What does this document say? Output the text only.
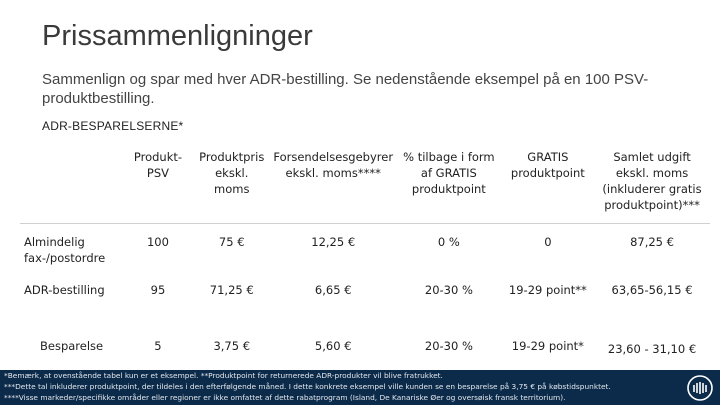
Prissammenligninger
Sammenlign og spar med hver ADR-bestilling. Se nedenstående eksempel på en 100 PSV-produktbestilling.
ADR-BESPARELSERNE*
	Produkt-PSV	Produktpris ekskl. moms	Forsendelsesgebyrer ekskl. moms****	% tilbage i form af GRATIS produktpoint	GRATIS produktpoint	Samlet udgift ekskl. moms (inkluderer gratis produktpoint)***
Almindelig fax-/postordre	100	75 €	12,25 €	0 %	0	87,25 €
ADR-bestilling	95	71,25 €	6,65 €	20-30 %	19-29 point**	63,65-56,15 €
Besparelse	5	3,75 €	5,60 €	20-30 %	19-29 point*	23,60 - 31,10 €
*Bemærk, at ovenstående tabel kun er et eksempel. **Produktpoint for returnerede ADR-produkter vil blive fratrukket.
***Dette tal inkluderer produktpoint, der tildeles i den efterfølgende måned. I dette konkrete eksempel ville kunden se en besparelse på 3,75 € på købstidspunktet.
****Visse markeder/specifikke områder eller regioner er ikke omfattet af dette rabatprogram (Island, De Kanariske Øer og oversøisk fransk territorium).
